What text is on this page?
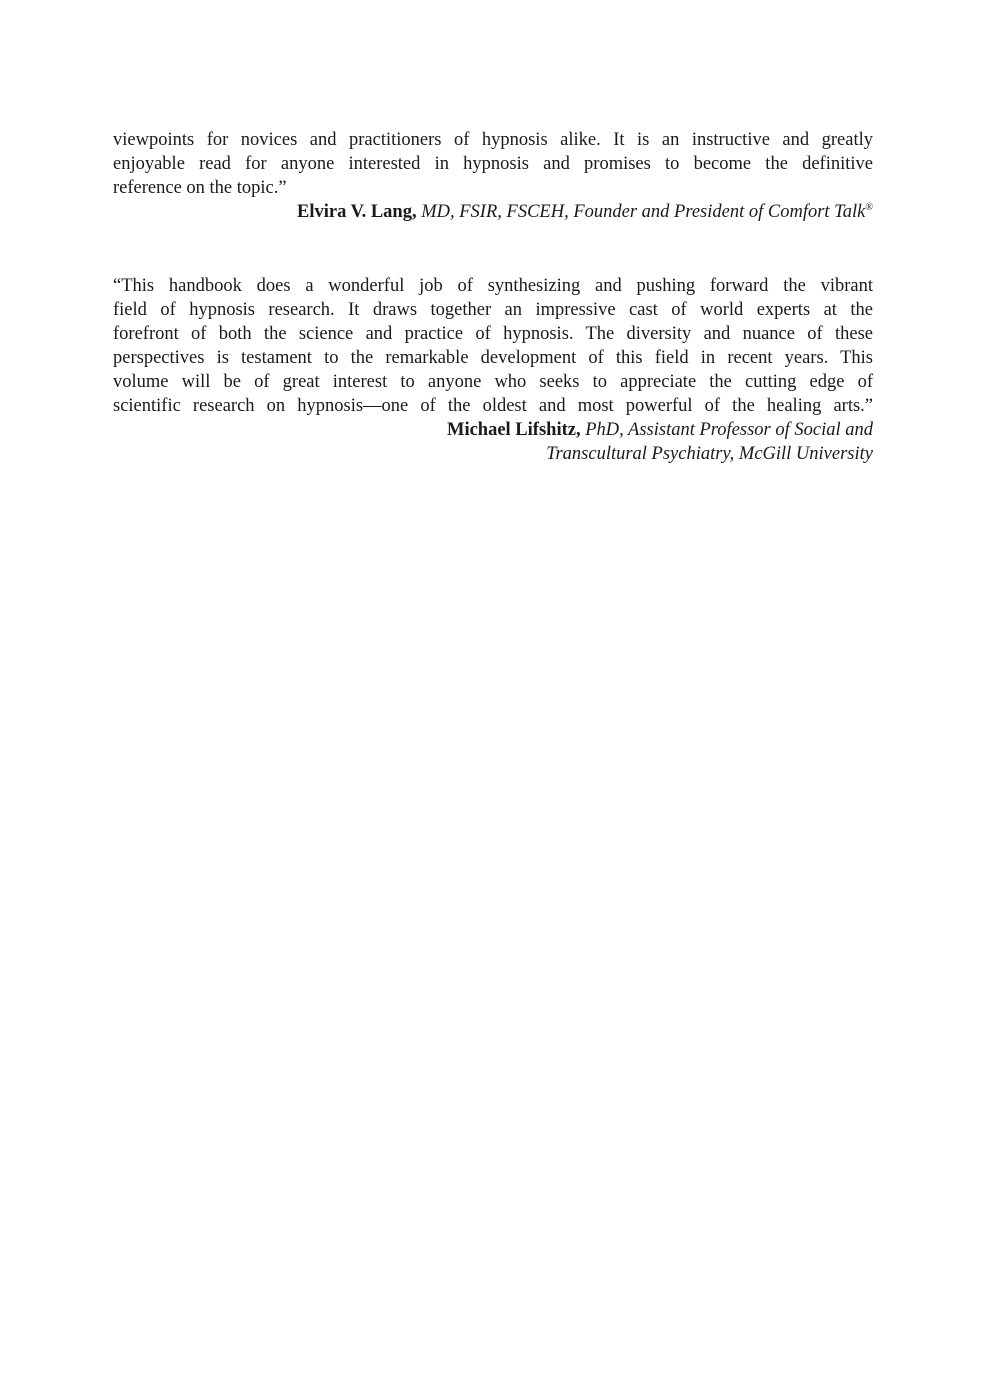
viewpoints for novices and practitioners of hypnosis alike. It is an instructive and greatly
enjoyable read for anyone interested in hypnosis and promises to become the definitive
reference on the topic.”
Elvira V. Lang, MD, FSIR, FSCEH, Founder and President of Comfort Talk®
“This handbook does a wonderful job of synthesizing and pushing forward the vibrant
field of hypnosis research. It draws together an impressive cast of world experts at the
forefront of both the science and practice of hypnosis. The diversity and nuance of these
perspectives is testament to the remarkable development of this field in recent years. This
volume will be of great interest to anyone who seeks to appreciate the cutting edge of
scientific research on hypnosis—one of the oldest and most powerful of the healing arts.”
Michael Lifshitz, PhD, Assistant Professor of Social and
Transcultural Psychiatry, McGill University
